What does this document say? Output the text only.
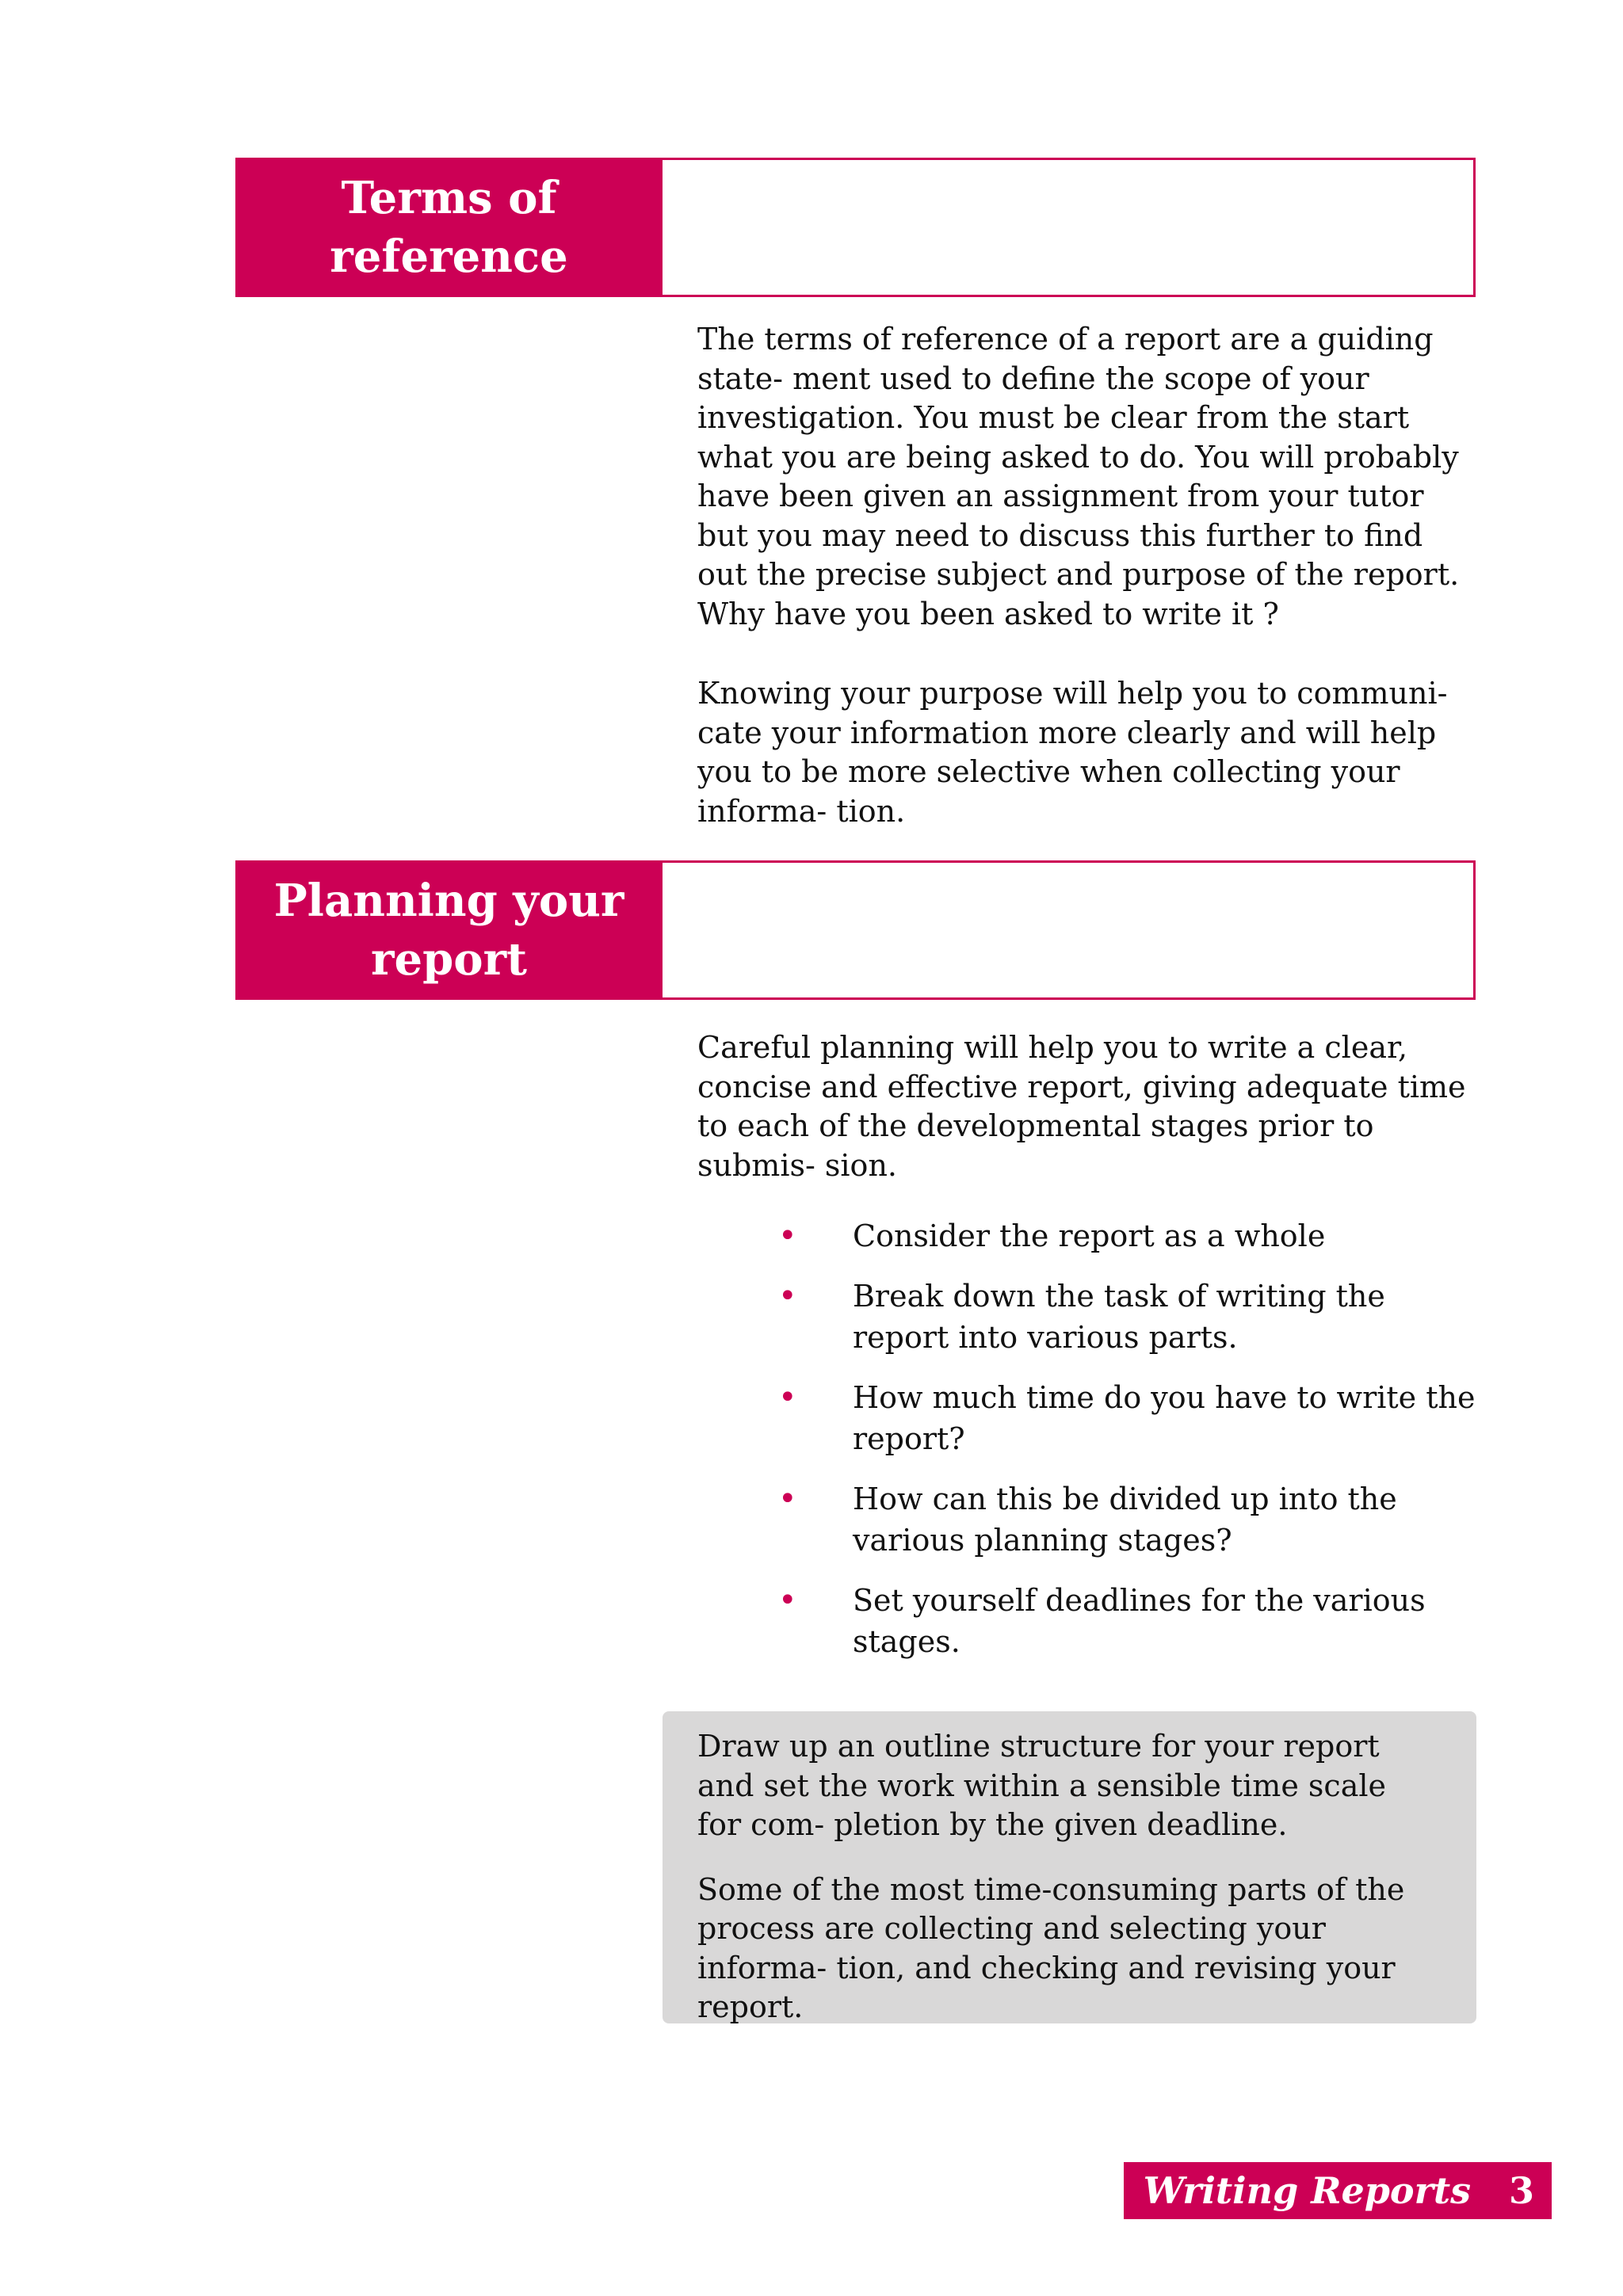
Terms of
reference

The terms of reference of a report are a guiding state- ment used to define the scope of your investigation. You must be clear from the start what you are being asked to do. You will probably have been given an assignment from your tutor but you may need to discuss this further to find out the precise subject and purpose of the report. Why have you been asked to write it ?

Knowing your purpose will help you to communi- cate your information more clearly and will help you to be more selective when collecting your informa- tion.

Planning your
report

Careful planning will help you to write a clear, concise and effective report, giving adequate time to each of the developmental stages prior to submis- sion.

• Consider the report as a whole
• Break down the task of writing the report into various parts.
• How much time do you have to write the report?
• How can this be divided up into the various planning stages?
• Set yourself deadlines for the various stages.

Draw up an outline structure for your report and set the work within a sensible time scale for com- pletion by the given deadline.

Some of the most time-consuming parts of the process are collecting and selecting your informa- tion, and checking and revising your report.

Writing Reports 3
